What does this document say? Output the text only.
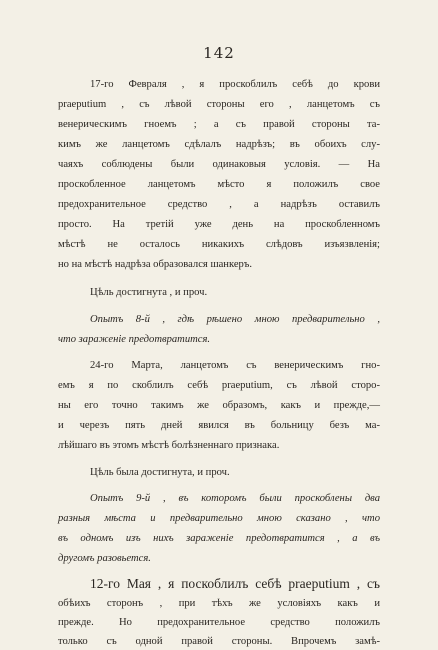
142
17-го Февраля , я проскоблилъ себѣ до крови
praeputium , съ лѣвой стороны его , ланцетомъ съ
венерическимъ гноемъ ; а съ правой стороны та-
кимъ же ланцетомъ сдѣлалъ надрѣзъ; въ обоихъ слу-
чаяхъ соблюдены были одинаковыя условія. — На
проскобленное ланцетомъ мѣсто я положилъ свое
предохранительное средство , а надрѣзъ оставилъ
просто. На третій уже день на проскобленномъ
мѣстѣ не осталось никакихъ слѣдовъ изъязвленія;
но на мѣстѣ надрѣза образовался шанкеръ.
Цѣль достигнута , и проч.
Опытъ 8-й , гдѣ рѣшено мною предварительно ,
что зараженіе предотвратится.
24-го Марта, ланцетомъ съ венерическимъ гно-
емъ я по скоблилъ себѣ praeputium, съ лѣвой сторо-
ны его точно такимъ же образомъ, какъ и прежде,—
и черезъ пять дней явился въ больницу безъ ма-
лѣйшаго въ этомъ мѣстѣ болѣзненнаго признака.
Цѣль была достигнута, и проч.
Опытъ 9-й , въ которомъ были проскоблены два
разныя мѣста и предварительно мною сказано , что
въ одномъ изъ нихъ зараженіе предотвратится , а въ
другомъ разовьется.
12-го Мая , я поскоблилъ себѣ praeputium , съ
обѣихъ сторонъ , при тѣхъ же условіяхъ какъ и
прежде. Но предохранительное средство положилъ
только съ одной правой стороны. Впрочемъ замѣ-
